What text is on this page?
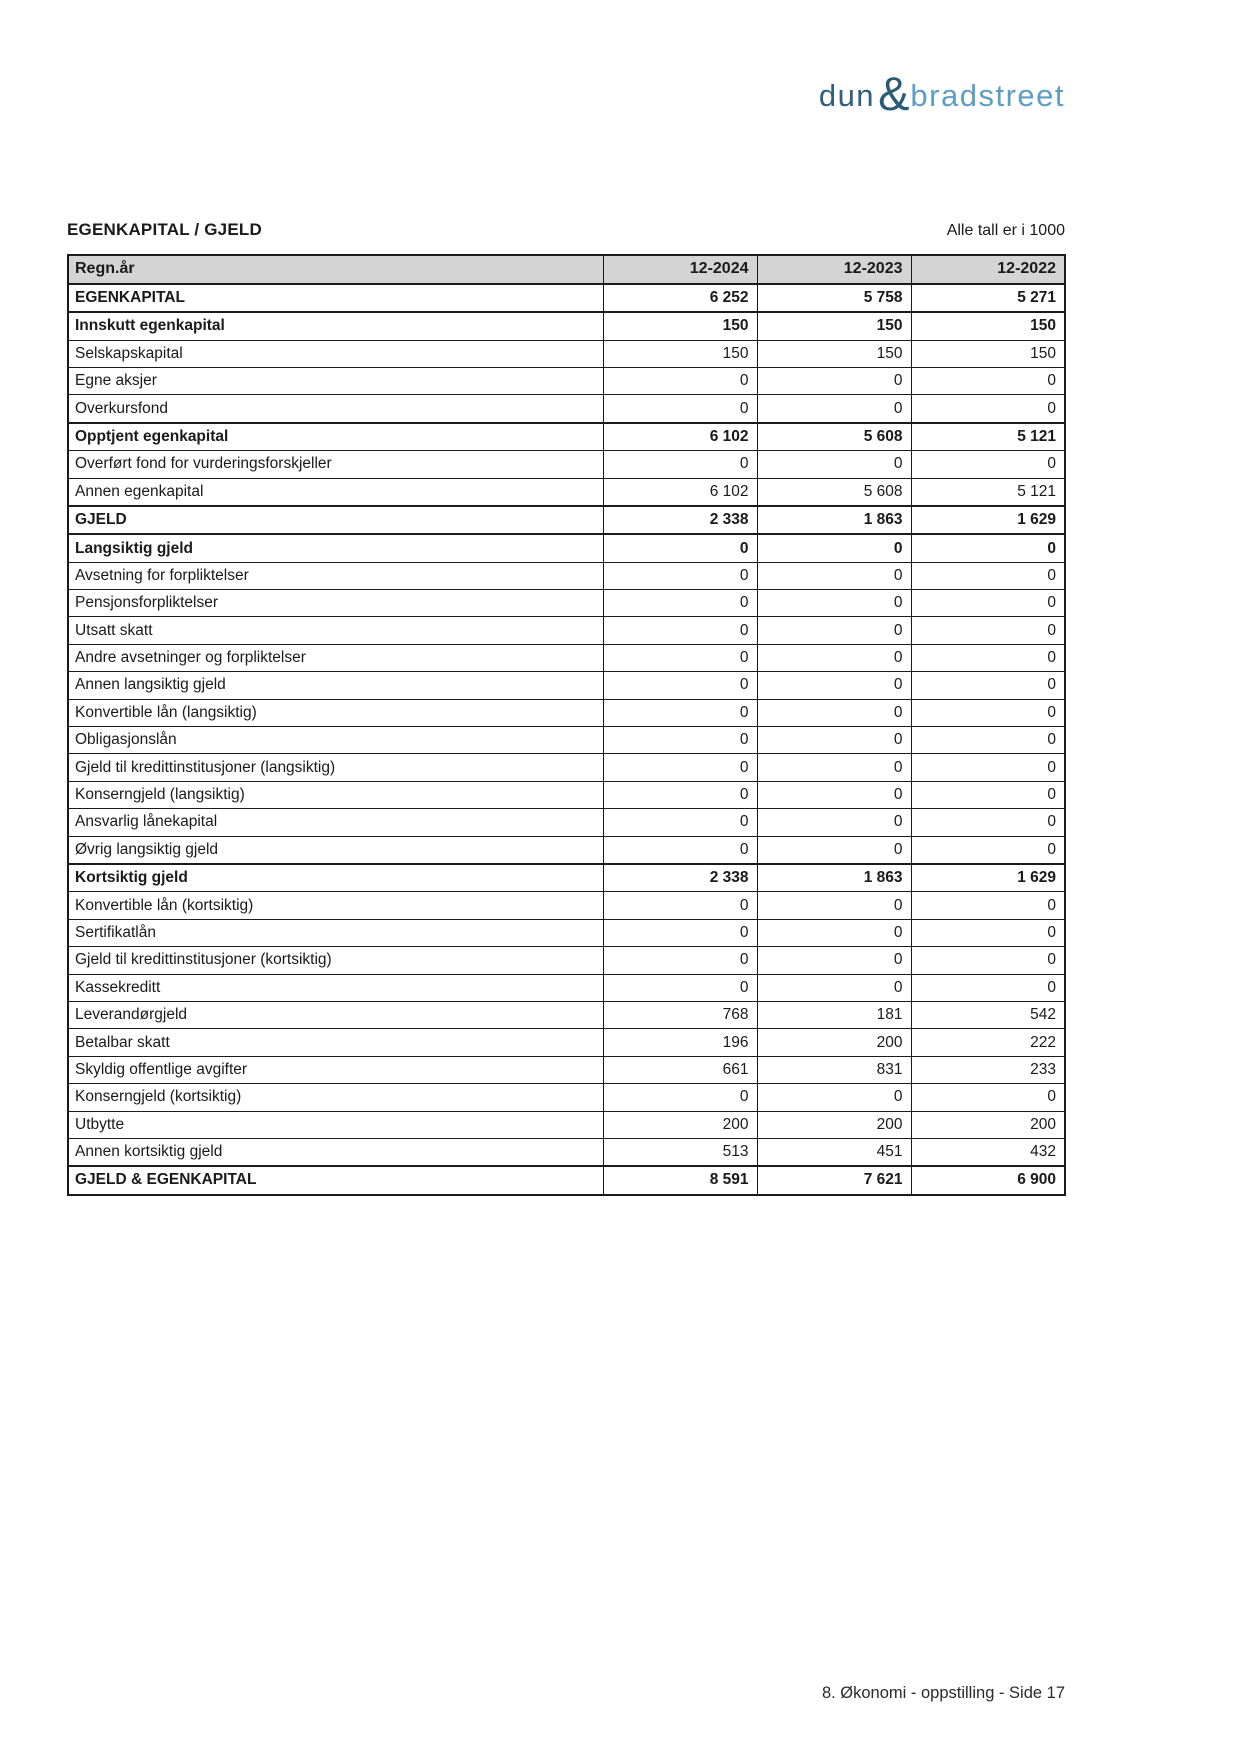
dun & bradstreet
EGENKAPITAL / GJELD	Alle tall er i 1000
Regn.år	12-2024	12-2023	12-2022
EGENKAPITAL	6 252	5 758	5 271
Innskutt egenkapital	150	150	150
Selskapskapital	150	150	150
Egne aksjer	0	0	0
Overkursfond	0	0	0
Opptjent egenkapital	6 102	5 608	5 121
Overført fond for vurderingsforskjeller	0	0	0
Annen egenkapital	6 102	5 608	5 121
GJELD	2 338	1 863	1 629
Langsiktig gjeld	0	0	0
Avsetning for forpliktelser	0	0	0
Pensjonsforpliktelser	0	0	0
Utsatt skatt	0	0	0
Andre avsetninger og forpliktelser	0	0	0
Annen langsiktig gjeld	0	0	0
Konvertible lån (langsiktig)	0	0	0
Obligasjonslån	0	0	0
Gjeld til kredittinstitusjoner (langsiktig)	0	0	0
Konserngjeld (langsiktig)	0	0	0
Ansvarlig lånekapital	0	0	0
Øvrig langsiktig gjeld	0	0	0
Kortsiktig gjeld	2 338	1 863	1 629
Konvertible lån (kortsiktig)	0	0	0
Sertifikatlån	0	0	0
Gjeld til kredittinstitusjoner (kortsiktig)	0	0	0
Kassekreditt	0	0	0
Leverandørgjeld	768	181	542
Betalbar skatt	196	200	222
Skyldig offentlige avgifter	661	831	233
Konserngjeld (kortsiktig)	0	0	0
Utbytte	200	200	200
Annen kortsiktig gjeld	513	451	432
GJELD & EGENKAPITAL	8 591	7 621	6 900
8. Økonomi - oppstilling - Side 17
